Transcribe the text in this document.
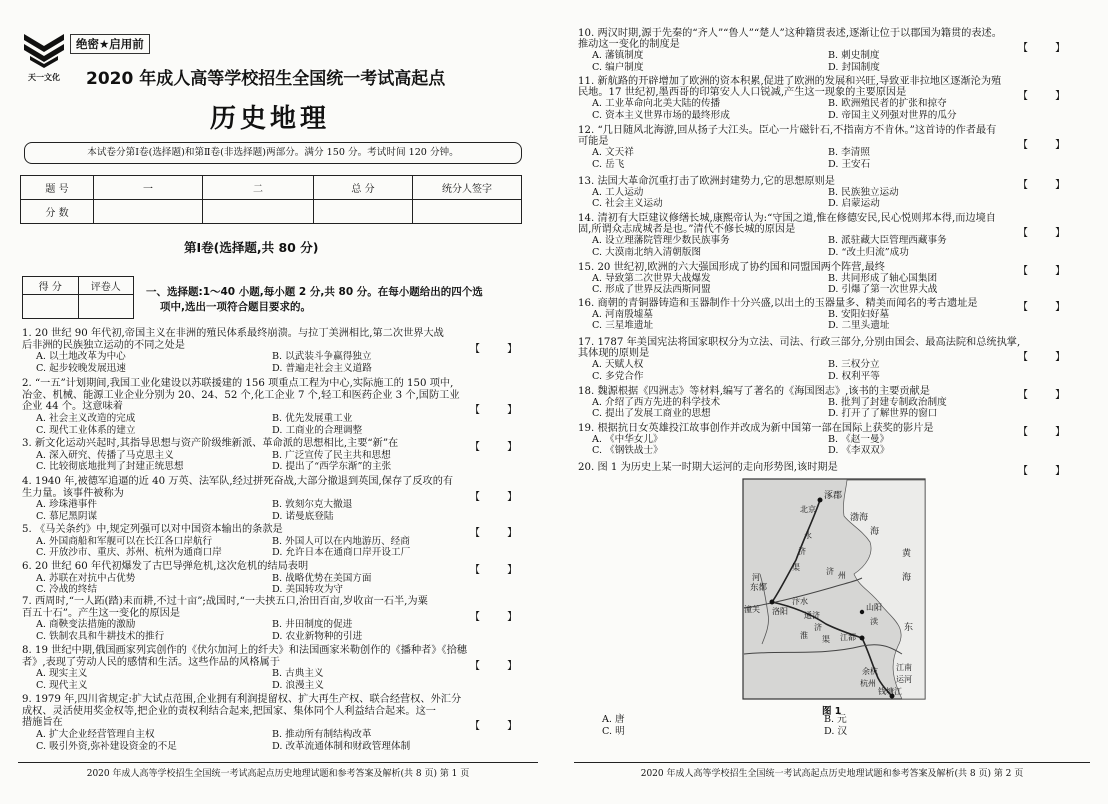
天一文化
绝密★启用前
2020 年成人高等学校招生全国统一考试高起点
历史地理
本试卷分第Ⅰ卷(选择题)和第Ⅱ卷(非选择题)两部分。满分 150 分。考试时间 120 分钟。
题 号	一	二	总 分	统分人签字
分 数				
第Ⅰ卷(选择题,共 80 分)
得 分	评卷人
	一、选择题:1～40 小题,每小题 2 分,共 80 分。在每小题给出的四个选
项中,选出一项符合题目要求的。
1. 20 世纪 90 年代初,帝国主义在非洲的殖民体系最终崩溃。与拉丁美洲相比,第二次世界大战
后非洲的民族独立运动的不同之处是	【 】
A. 以土地改革为中心	B. 以武装斗争赢得独立
C. 起步较晚发展迅速	D. 普遍走社会主义道路
2. “一五”计划期间,我国工业化建设以苏联援建的 156 项重点工程为中心,实际施工的 150 项中,
冶金、机械、能源工业企业分别为 20、24、52 个,化工企业 7 个,轻工和医药企业 3 个,国防工业
企业 44 个。这意味着	【 】
A. 社会主义改造的完成	B. 优先发展重工业
C. 现代工业体系的建立	D. 工商业的合理调整
3. 新文化运动兴起时,其指导思想与资产阶级维新派、革命派的思想相比,主要“新”在	【 】
A. 深入研究、传播了马克思主义	B. 广泛宣传了民主共和思想
C. 比较彻底地批判了封建正统思想	D. 提出了“西学东渐”的主张
4. 1940 年,被德军追逼的近 40 万英、法军队,经过拼死奋战,大部分撤退到英国,保存了反攻的有
生力量。该事件被称为	【 】
A. 珍珠港事件	B. 敦刻尔克大撤退
C. 慕尼黑阴谋	D. 诺曼底登陆
5. 《马关条约》中,规定列强可以对中国资本输出的条款是	【 】
A. 外国商船和军舰可以在长江各口岸航行	B. 外国人可以在内地游历、经商
C. 开放沙市、重庆、苏州、杭州为通商口岸	D. 允许日本在通商口岸开设工厂
6. 20 世纪 60 年代初爆发了古巴导弹危机,这次危机的结局表明	【 】
A. 苏联在对抗中占优势	B. 战略优势在美国方面
C. 冷战的终结	D. 美国转攻为守
7. 西周时,“一人跖(踏)耒而耕,不过十亩”;战国时,“一夫挟五口,治田百亩,岁收亩一石半,为粟
百五十石”。产生这一变化的原因是	【 】
A. 商鞅变法措施的激励	B. 井田制度的促进
C. 铁制农具和牛耕技术的推行	D. 农业新物种的引进
8. 19 世纪中期,俄国画家列宾创作的《伏尔加河上的纤夫》和法国画家米勒创作的《播种者》《拾穗
者》,表现了劳动人民的感情和生活。这些作品的风格属于	【 】
A. 现实主义	B. 古典主义
C. 现代主义	D. 浪漫主义
9. 1979 年,四川省规定:扩大试点范围,企业拥有利润提留权、扩大再生产权、联合经营权、外汇分
成权、灵活使用奖金权等,把企业的责权利结合起来,把国家、集体同个人利益结合起来。这一
措施旨在	【 】
A. 扩大企业经营管理自主权	B. 推动所有制结构改革
C. 吸引外资,弥补建设资金的不足	D. 改革流通体制和财政管理体制
2020 年成人高等学校招生全国统一考试高起点历史地理试题和参考答案及解析(共 8 页) 第 1 页
10. 两汉时期,源于先秦的“齐人”“鲁人”“楚人”这种籍贯表述,逐渐让位于以郡国为籍贯的表述。
推动这一变化的制度是	【 】
A. 藩镇制度	B. 刺史制度
C. 编户制度	D. 封国制度
11. 新航路的开辟增加了欧洲的资本积累,促进了欧洲的发展和兴旺,导致亚非拉地区逐渐沦为殖
民地。17 世纪初,墨西哥的印第安人人口锐减,产生这一现象的主要原因是	【 】
A. 工业革命向北美大陆的传播	B. 欧洲殖民者的扩张和掠夺
C. 资本主义世界市场的最终形成	D. 帝国主义列强对世界的瓜分
12. “几日随风北海游,回从扬子大江头。臣心一片磁针石,不指南方不肯休。”这首诗的作者最有
可能是	【 】
A. 文天祥	B. 李清照
C. 岳飞	D. 王安石
13. 法国大革命沉重打击了欧洲封建势力,它的思想原则是	【 】
A. 工人运动	B. 民族独立运动
C. 社会主义运动	D. 启蒙运动
14. 清初有大臣建议修缮长城,康熙帝认为:“守国之道,惟在修德安民,民心悦则邦本得,而边境自
固,所谓众志成城者是也。”清代不修长城的原因是	【 】
A. 设立理藩院管理少数民族事务	B. 派驻藏大臣管理西藏事务
C. 大漠南北纳入清朝版图	D. “改土归流”成功
15. 20 世纪初,欧洲的六大强国形成了协约国和同盟国两个阵营,最终	【 】
A. 导致第二次世界大战爆发	B. 共同形成了轴心国集团
C. 形成了世界反法西斯同盟	D. 引爆了第一次世界大战
16. 商朝的青铜器铸造和玉器制作十分兴盛,以出土的玉器量多、精美而闻名的考古遗址是	【 】
A. 河南殷墟墓	B. 安阳妇好墓
C. 三星堆遗址	D. 二里头遗址
17. 1787 年美国宪法将国家职权分为立法、司法、行政三部分,分别由国会、最高法院和总统执掌,
其体现的原则是	【 】
A. 天赋人权	B. 三权分立
C. 多党合作	D. 权利平等
18. 魏源根据《四洲志》等材料,编写了著名的《海国图志》,该书的主要贡献是	【 】
A. 介绍了西方先进的科学技术	B. 批判了封建专制政治制度
C. 提出了发展工商业的思想	D. 打开了了解世界的窗口
19. 根据抗日女英雄投江故事创作并改成为新中国第一部在国际上获奖的影片是	【 】
A. 《中华女儿》	B. 《赵一曼》
C. 《钢铁战士》	D. 《李双双》
20. 图 1 为历史上某一时期大运河的走向形势图,该时期是	【 】
A. 唐	B. 元
C. 明	D. 汉
涿郡
北京
渤海
海
黄
海
东
永
济
渠	济 州
河
东都
洛阳
潼关
汴水
通济
济
渠
淮
山阳
渎
江都
江南
运河
余杭
杭州
钱塘江
图 1
2020 年成人高等学校招生全国统一考试高起点历史地理试题和参考答案及解析(共 8 页) 第 2 页
